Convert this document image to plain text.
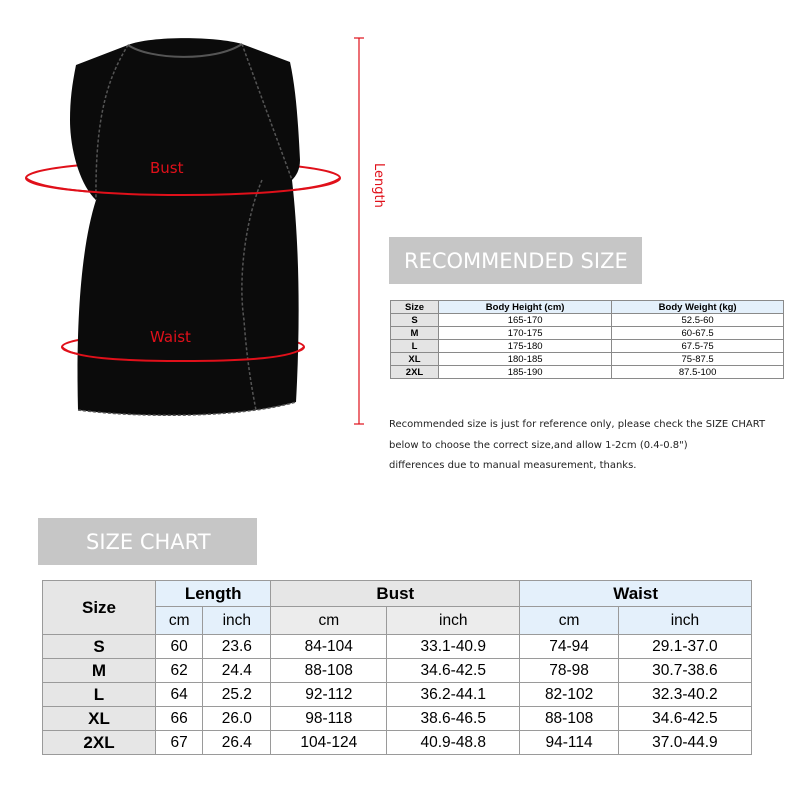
Bust
Waist
Length
RECOMMENDED SIZE
Size	Body Height (cm)	Body Weight (kg)
S	165-170	52.5-60
M	170-175	60-67.5
L	175-180	67.5-75
XL	180-185	75-87.5
2XL	185-190	87.5-100
Recommended size is just for reference only, please check the SIZE CHART
below to choose the correct size,and allow 1-2cm (0.4-0.8")
differences due to manual measurement, thanks.
SIZE CHART
Size	Length		Bust		Waist	
	cm	inch	cm	inch	cm	inch
S	60	23.6	84-104	33.1-40.9	74-94	29.1-37.0
M	62	24.4	88-108	34.6-42.5	78-98	30.7-38.6
L	64	25.2	92-112	36.2-44.1	82-102	32.3-40.2
XL	66	26.0	98-118	38.6-46.5	88-108	34.6-42.5
2XL	67	26.4	104-124	40.9-48.8	94-114	37.0-44.9
